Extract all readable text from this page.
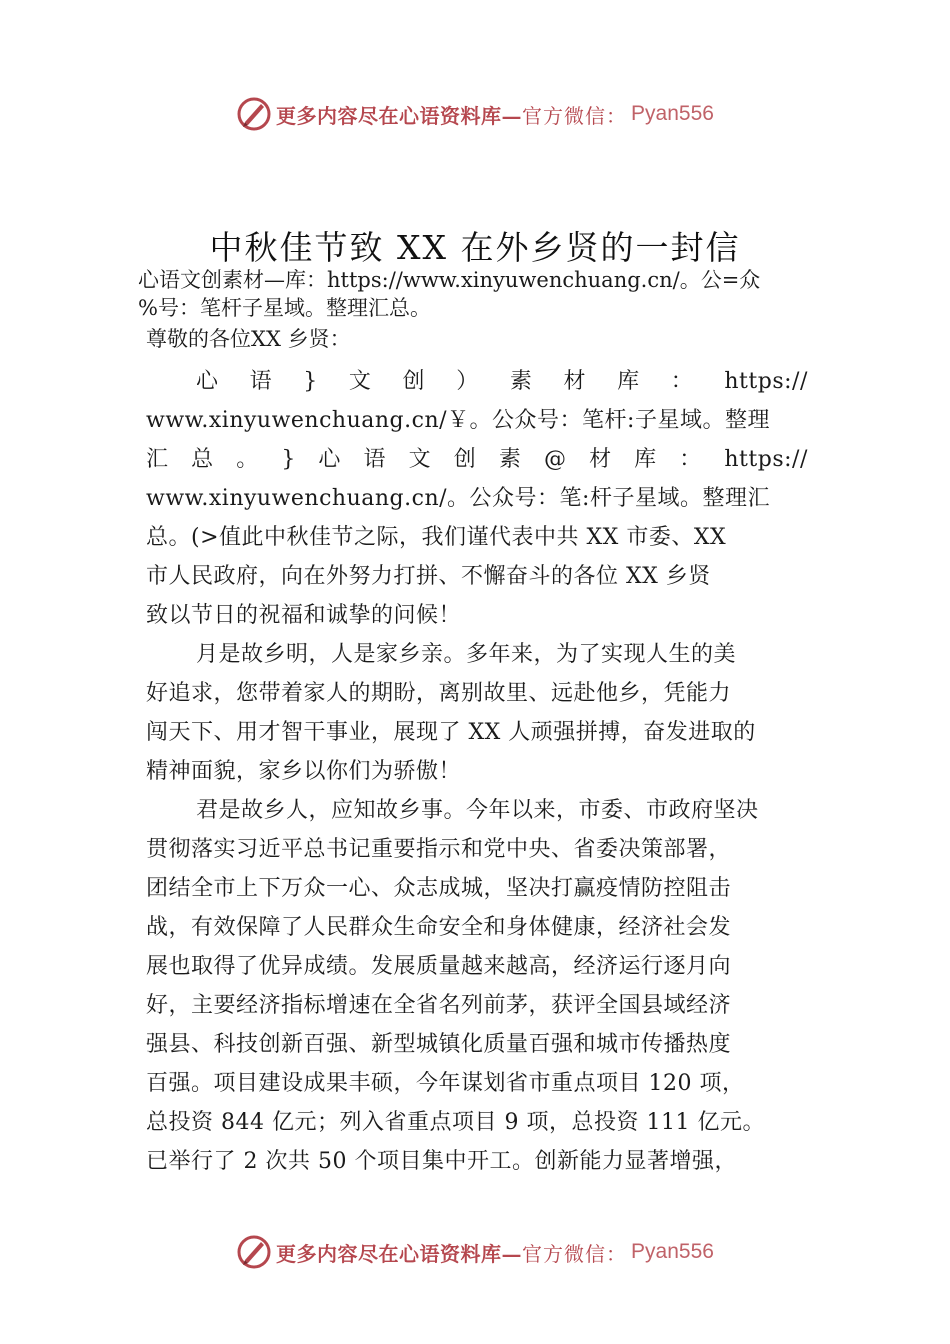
更多内容尽在心语资料库— 官方微信： Pyan556
中秋佳节致 XX 在外乡贤的一封信
心语文创素材—库：https://www.xinyuwenchuang.cn/。公=众
%号：笔杆子星域。整理汇总。
尊敬的各位XX 乡贤：
心 语 } 文 创 ） 素 材 库 ： https://
www.xinyuwenchuang.cn/￥。公众号：笔杆:子星域。整理
汇 总 。 } 心 语 文 创 素 @ 材 库 ： https://
www.xinyuwenchuang.cn/。公众号：笔:杆子星域。整理汇
总。(>值此中秋佳节之际，我们谨代表中共 XX 市委、XX
市人民政府，向在外努力打拼、不懈奋斗的各位 XX 乡贤
致以节日的祝福和诚挚的问候！
月是故乡明，人是家乡亲。多年来，为了实现人生的美
好追求，您带着家人的期盼，离别故里、远赴他乡，凭能力
闯天下、用才智干事业，展现了 XX 人顽强拼搏，奋发进取的
精神面貌，家乡以你们为骄傲！
君是故乡人，应知故乡事。今年以来，市委、市政府坚决
贯彻落实习近平总书记重要指示和党中央、省委决策部署，
团结全市上下万众一心、众志成城，坚决打赢疫情防控阻击
战，有效保障了人民群众生命安全和身体健康，经济社会发
展也取得了优异成绩。发展质量越来越高，经济运行逐月向
好，主要经济指标增速在全省名列前茅，获评全国县域经济
强县、科技创新百强、新型城镇化质量百强和城市传播热度
百强。项目建设成果丰硕，今年谋划省市重点项目 120 项，
总投资 844 亿元；列入省重点项目 9 项，总投资 111 亿元。
已举行了 2 次共 50 个项目集中开工。创新能力显著增强，
更多内容尽在心语资料库— 官方微信： Pyan556
